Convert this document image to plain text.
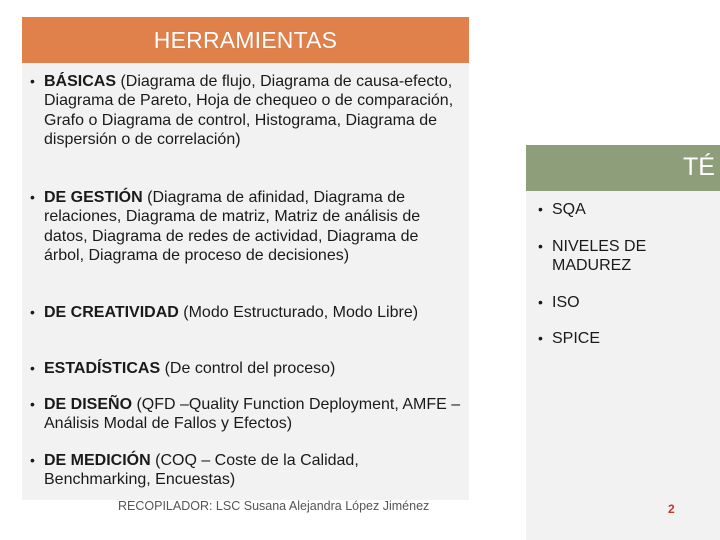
TÉ
HERRAMIENTAS
• BÁSICAS (Diagrama de flujo, Diagrama de causa-efecto, Diagrama de Pareto, Hoja de chequeo o de comparación, Grafo o Diagrama de control, Histograma, Diagrama de dispersión o de correlación)
• DE GESTIÓN (Diagrama de afinidad, Diagrama de relaciones, Diagrama de matriz, Matriz de análisis de datos, Diagrama de redes de actividad, Diagrama de árbol, Diagrama de proceso de decisiones)
• DE CREATIVIDAD (Modo Estructurado, Modo Libre)
• ESTADÍSTICAS (De control del proceso)
• DE DISEÑO (QFD –Quality Function Deployment, AMFE –Análisis Modal de Fallos y Efectos)
• DE MEDICIÓN (COQ – Coste de la Calidad, Benchmarking, Encuestas)
• SQA
• NIVELES DE MADUREZ
• ISO
• SPICE
RECOPILADOR: LSC Susana Alejandra López Jiménez	2
